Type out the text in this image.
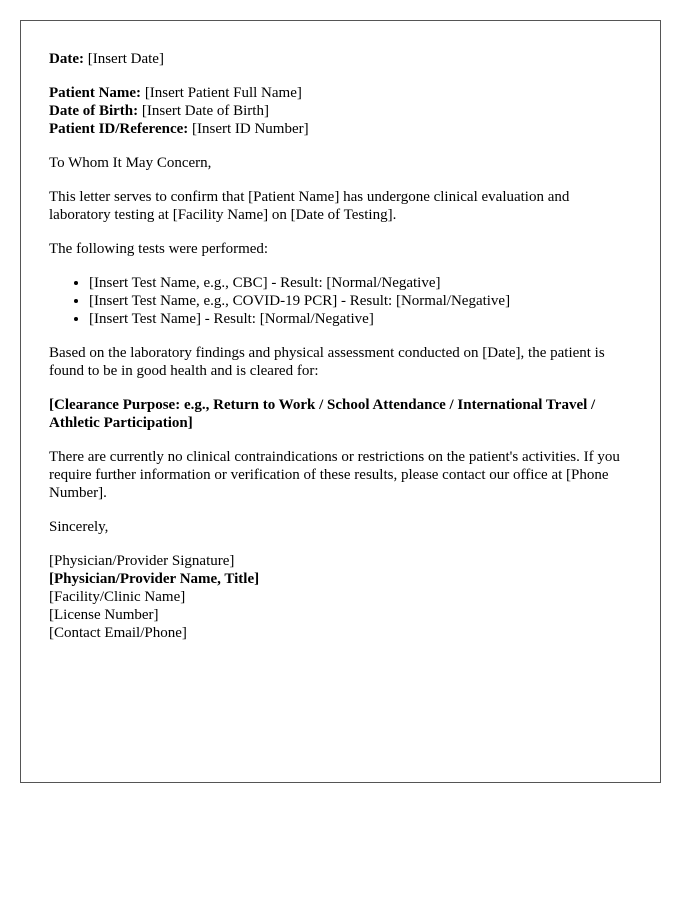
Date: [Insert Date]

Patient Name: [Insert Patient Full Name]
Date of Birth: [Insert Date of Birth]
Patient ID/Reference: [Insert ID Number]

To Whom It May Concern,

This letter serves to confirm that [Patient Name] has undergone clinical evaluation and laboratory testing at [Facility Name] on [Date of Testing].

The following tests were performed:

• [Insert Test Name, e.g., CBC] - Result: [Normal/Negative]
• [Insert Test Name, e.g., COVID-19 PCR] - Result: [Normal/Negative]
• [Insert Test Name] - Result: [Normal/Negative]

Based on the laboratory findings and physical assessment conducted on [Date], the patient is found to be in good health and is cleared for:

[Clearance Purpose: e.g., Return to Work / School Attendance / International Travel / Athletic Participation]

There are currently no clinical contraindications or restrictions on the patient's activities. If you require further information or verification of these results, please contact our office at [Phone Number].

Sincerely,

[Physician/Provider Signature]
[Physician/Provider Name, Title]
[Facility/Clinic Name]
[License Number]
[Contact Email/Phone]
